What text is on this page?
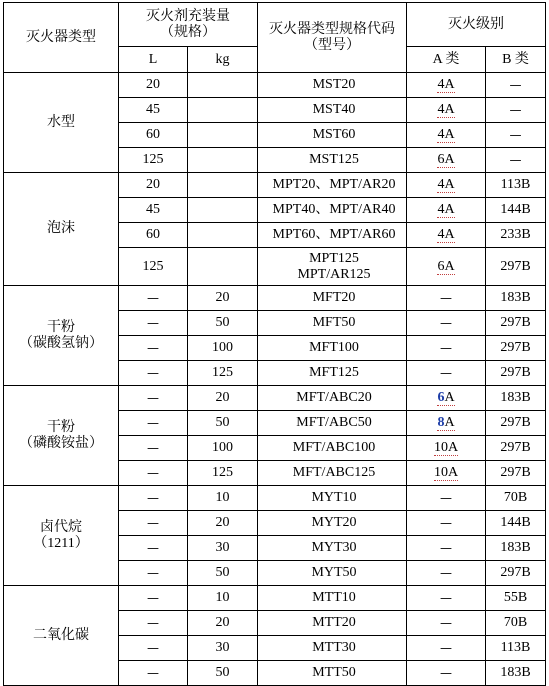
灭火器类型	灭火剂充装量
（规格）		灭火器类型规格代码
（型号）	灭火级别	
	L	kg		A 类	B 类

水型	20		MST20	4A	—
	45		MST40	4A	—
	60		MST60	4A	—
	125		MST125	6A	—

泡沫	20		MPT20、MPT/AR20	4A	113B
	45		MPT40、MPT/AR40	4A	144B
	60		MPT60、MPT/AR60	4A	233B
	125		MPT125
MPT/AR125	6A	297B

干粉
（碳酸氢钠）	—	20	MFT20	—	183B
	—	50	MFT50	—	297B
	—	100	MFT100	—	297B
	—	125	MFT125	—	297B

干粉
（磷酸铵盐）	—	20	MFT/ABC20	6A	183B
	—	50	MFT/ABC50	8A	297B
	—	100	MFT/ABC100	10A	297B
	—	125	MFT/ABC125	10A	297B

卤代烷
（1211）	—	10	MYT10	—	70B
	—	20	MYT20	—	144B
	—	30	MYT30	—	183B
	—	50	MYT50	—	297B

二氧化碳	—	10	MTT10	—	55B
	—	20	MTT20	—	70B
	—	30	MTT30	—	113B
	—	50	MTT50	—	183B
